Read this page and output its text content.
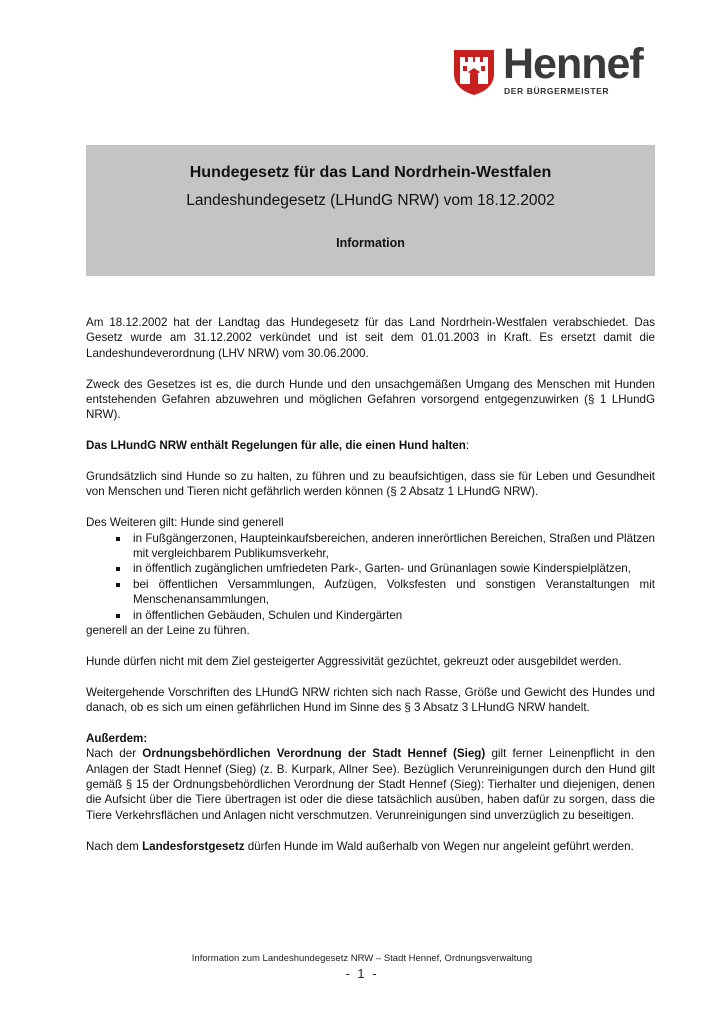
Hennef
DER BÜRGERMEISTER
Hundegesetz für das Land Nordrhein-Westfalen
Landeshundegesetz (LHundG NRW) vom 18.12.2002
Information

Am 18.12.2002 hat der Landtag das Hundegesetz für das Land Nordrhein-Westfalen verabschiedet. Das Gesetz wurde am 31.12.2002 verkündet und ist seit dem 01.01.2003 in Kraft. Es ersetzt damit die Landeshundeverordnung (LHV NRW) vom 30.06.2000.

Zweck des Gesetzes ist es, die durch Hunde und den unsachgemäßen Umgang des Menschen mit Hunden entstehenden Gefahren abzuwehren und möglichen Gefahren vorsorgend entgegenzuwirken (§ 1 LHundG NRW).

Das LHundG NRW enthält Regelungen für alle, die einen Hund halten:

Grundsätzlich sind Hunde so zu halten, zu führen und zu beaufsichtigen, dass sie für Leben und Gesundheit von Menschen und Tieren nicht gefährlich werden können (§ 2 Absatz 1 LHundG NRW).

Des Weiteren gilt: Hunde sind generell

in Fußgängerzonen, Haupteinkaufsbereichen, anderen innerörtlichen Bereichen, Straßen und Plätzen mit vergleichbarem Publikumsverkehr,
in öffentlich zugänglichen umfriedeten Park-, Garten- und Grünanlagen sowie Kinderspielplätzen,
bei öffentlichen Versammlungen, Aufzügen, Volksfesten und sonstigen Veranstaltungen mit Menschenansammlungen,
in öffentlichen Gebäuden, Schulen und Kindergärten

generell an der Leine zu führen.

Hunde dürfen nicht mit dem Ziel gesteigerter Aggressivität gezüchtet, gekreuzt oder ausgebildet werden.

Weitergehende Vorschriften des LHundG NRW richten sich nach Rasse, Größe und Gewicht des Hundes und danach, ob es sich um einen gefährlichen Hund im Sinne des § 3 Absatz 3 LHundG NRW handelt.

Außerdem:

Nach der Ordnungsbehördlichen Verordnung der Stadt Hennef (Sieg) gilt ferner Leinenpflicht in den Anlagen der Stadt Hennef (Sieg) (z. B. Kurpark, Allner See). Bezüglich Verunreinigungen durch den Hund gilt gemäß § 15 der Ordnungsbehördlichen Verordnung der Stadt Hennef (Sieg): Tierhalter und diejenigen, denen die Aufsicht über die Tiere übertragen ist oder die diese tatsächlich ausüben, haben dafür zu sorgen, dass die Tiere Verkehrsflächen und Anlagen nicht verschmutzen. Verunreinigungen sind unverzüglich zu beseitigen.

Nach dem Landesforstgesetz dürfen Hunde im Wald außerhalb von Wegen nur angeleint geführt werden.

Information zum Landeshundegesetz NRW – Stadt Hennef, Ordnungsverwaltung
- 1 -
